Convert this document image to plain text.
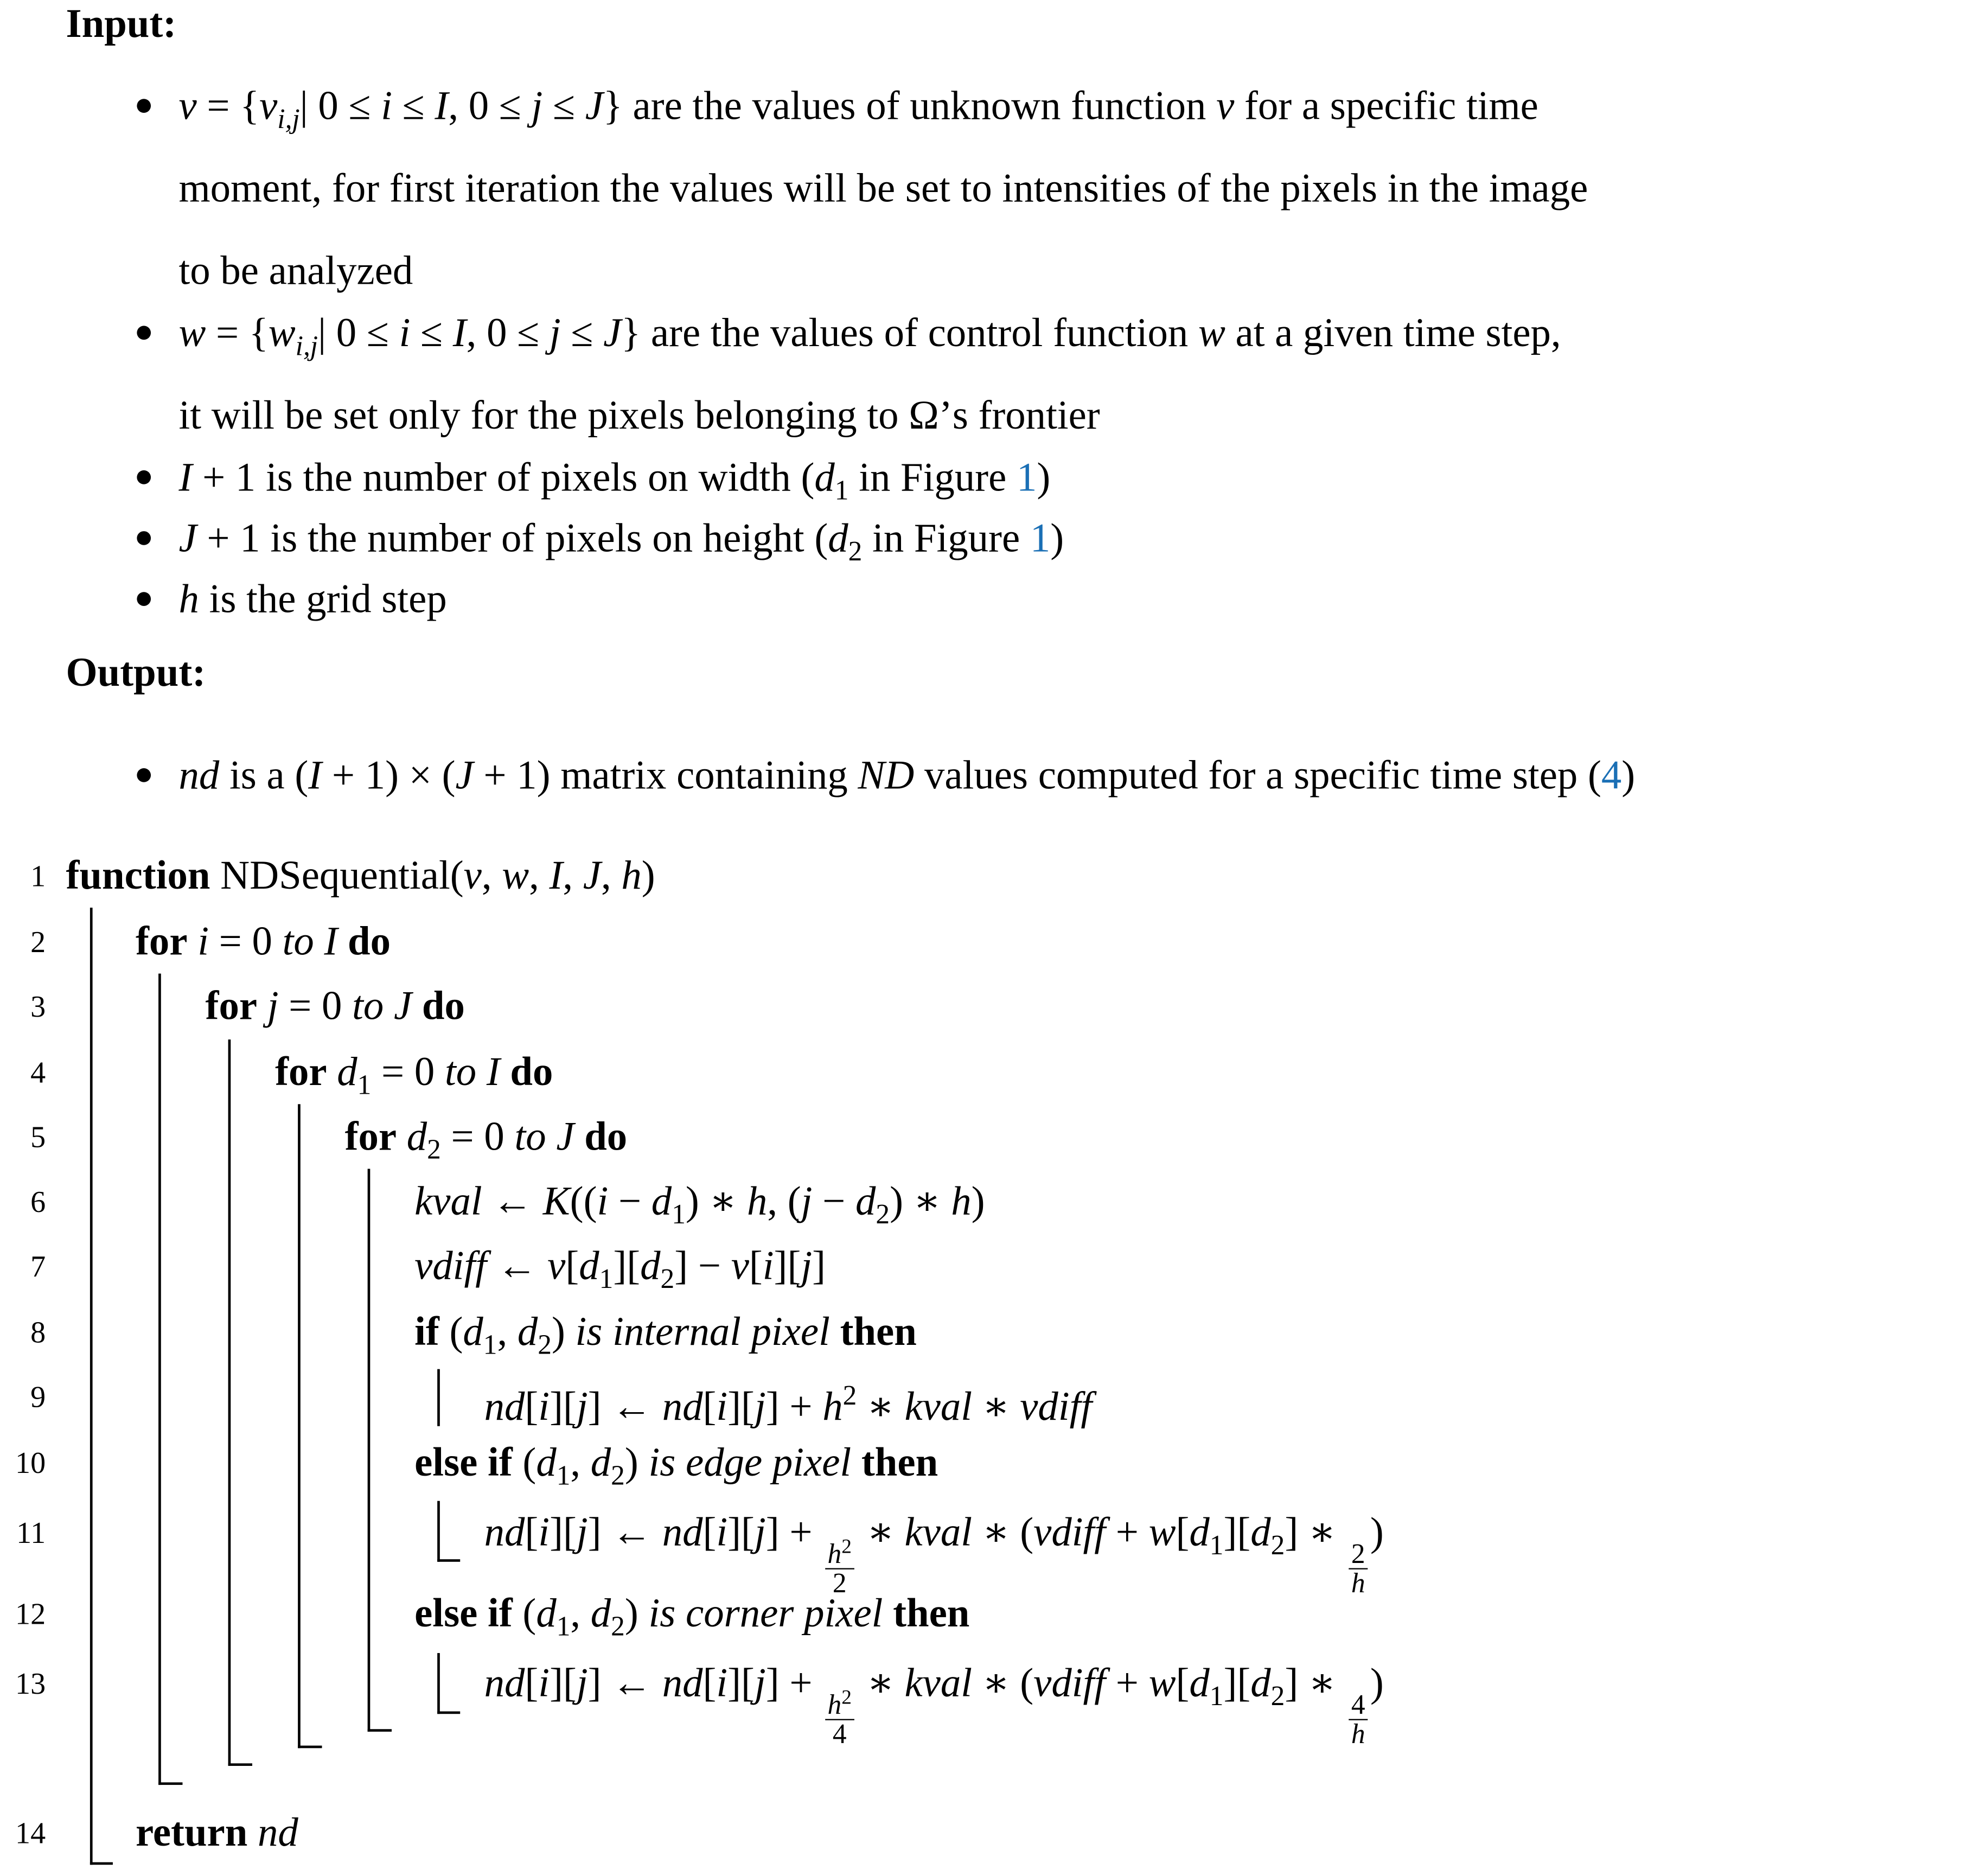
Input:
Output:
$v = \{v_{i,j}|$ 0 ≤ i ≤ I, 0 ≤ j ≤ J} are the values of unknown function v for a specific time
moment, for first iteration the values will be set to intensities of the pixels in the image
to be analyzed
$w = \{w_{i,j}|$ 0 ≤ i ≤ I, 0 ≤ j ≤ J} are the values of control function w at a given time step,
it will be set only for the pixels belonging to Ω’s frontier
I + 1 is the number of pixels on width ($d_1$ in Figure 1)
J + 1 is the number of pixels on height ($d_2$ in Figure 1)
h is the grid step
nd is a (I + 1) × (J + 1) matrix containing ND values computed for a specific time step (4)
1 function NDSequential(v, w, I, J, h)
2	for i = 0 to I do
3	for j = 0 to J do
4	for $d_1 = 0$ to I do
5	for $d_2 = 0$ to J do
6	kval ← $K((i - d_1)$ ∗ h, $(j - d_2)$ ∗ h)
7	vdiff ← $v[d_1][d_2] - v[i][j]$
8	if ($d_1$, $d_2$) is internal pixel then
9	nd[i][j] ← $nd[i][j] + h^2$ ∗ kval ∗ vdiff
10	else if ($d_1$, $d_2$) is edge pixel then
11	nd[i][j] ← nd[i][j] +
$\frac{h^2}{2}$
∗ kval ∗ (vdiff + $w[d_1][d_2]$ ∗
$\frac{2}{h}$
)
12	else if ($d_1$, $d_2$) is corner pixel then
13	nd[i][j] ← nd[i][j] +
$\frac{h^2}{4}$
∗ kval ∗ (vdiff + $w[d_1][d_2]$ ∗
$\frac{4}{h}$
)
14	return nd
